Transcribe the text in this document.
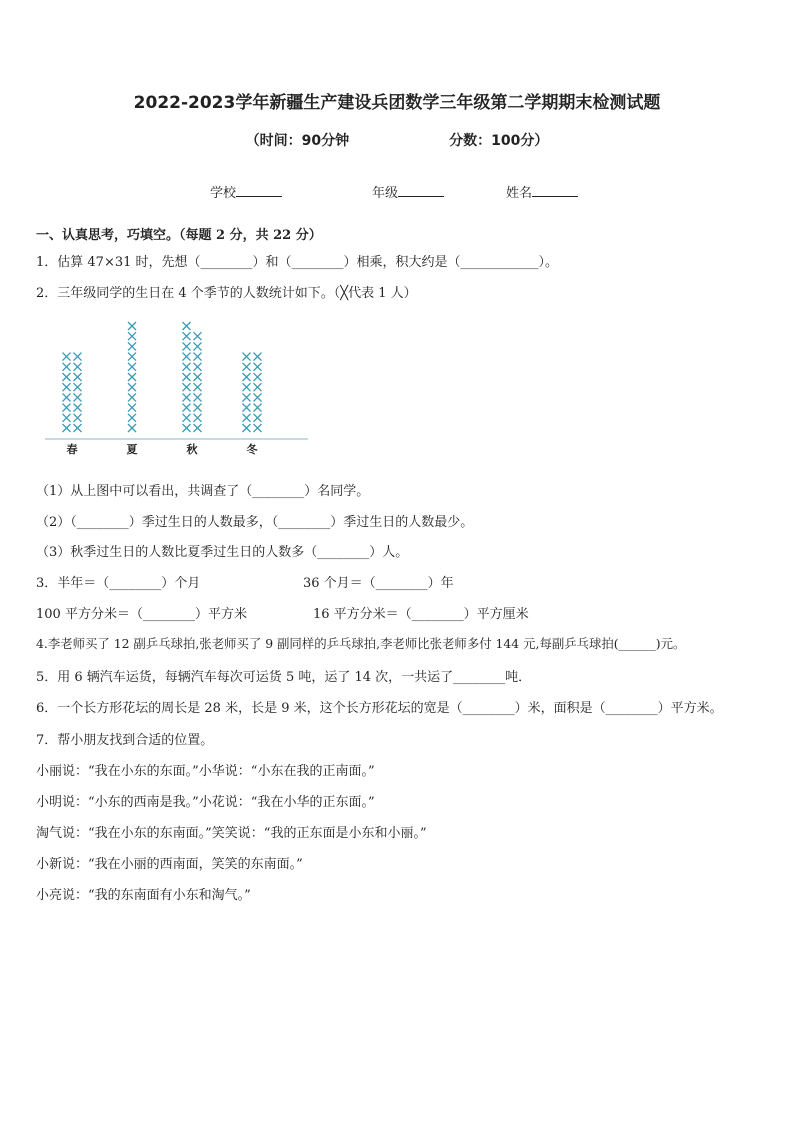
2022-2023学年新疆生产建设兵团数学三年级第二学期期末检测试题
（时间：90分钟	分数：100分）
学校	年级	姓名
一、认真思考，巧填空。（每题 2 分，共 22 分）
1．估算 47×31 时，先想（________）和（________）相乘，积大约是（____________）。
2．三年级同学的生日在 4 个季节的人数统计如下。（╳代表 1 人）
春	夏	秋	冬
（1）从上图中可以看出，共调查了（________）名同学。
（2）（________）季过生日的人数最多，（________）季过生日的人数最少。
（3）秋季过生日的人数比夏季过生日的人数多（________）人。
3．半年＝（________）个月	36 个月＝（________）年
100 平方分米＝（________）平方米	16 平方分米＝（________）平方厘米
4.李老师买了 12 副乒乓球拍,张老师买了 9 副同样的乒乓球拍,李老师比张老师多付 144 元,每副乒乓球拍(______)元。
5．用 6 辆汽车运货，每辆汽车每次可运货 5 吨，运了 14 次，一共运了________吨．
6．一个长方形花坛的周长是 28 米，长是 9 米，这个长方形花坛的宽是（________）米，面积是（________）平方米。
7．帮小朋友找到合适的位置。
小丽说：“我在小东的东面。”小华说：“小东在我的正南面。”
小明说：“小东的西南是我。”小花说：“我在小华的正东面。”
淘气说：“我在小东的东南面。”笑笑说：“我的正东面是小东和小丽。”
小新说：“我在小丽的西南面，笑笑的东南面。”
小亮说：“我的东南面有小东和淘气。”
